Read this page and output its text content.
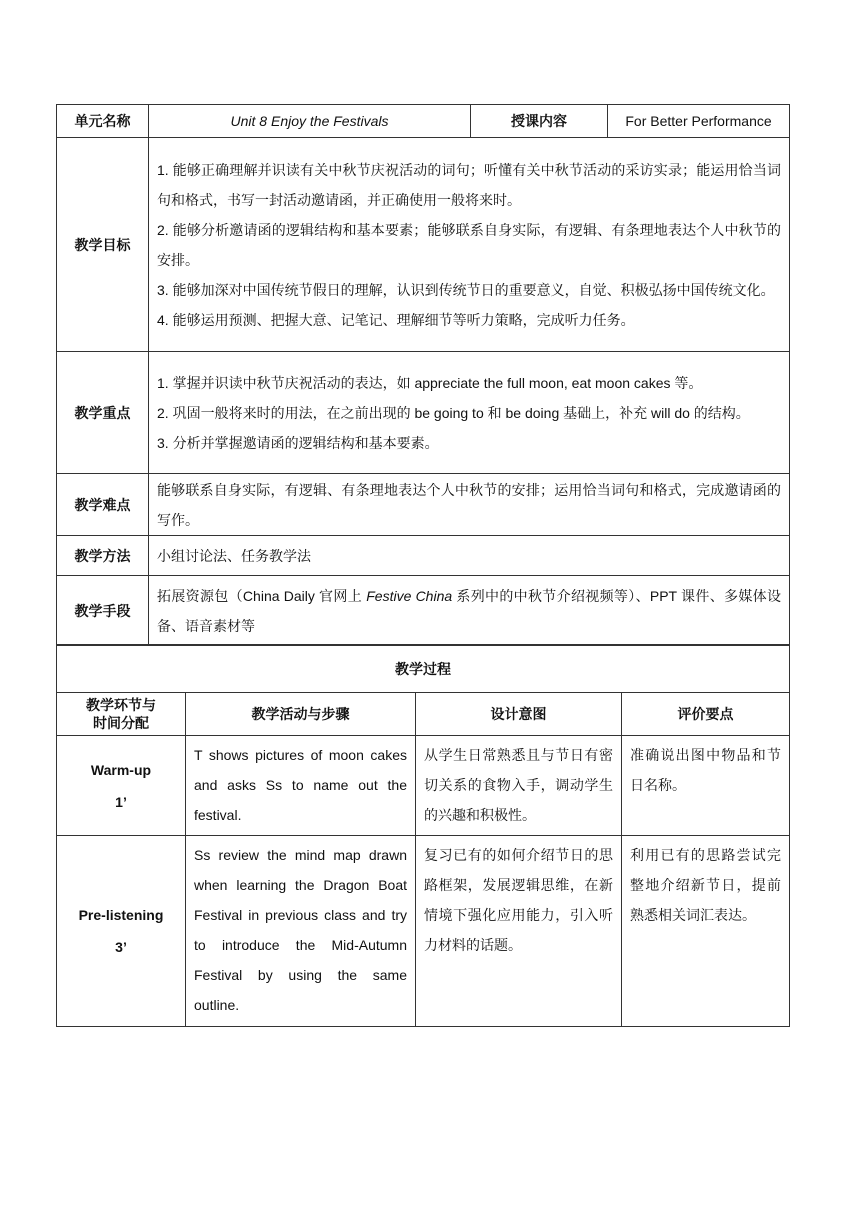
单元名称	Unit 8 Enjoy the Festivals	授课内容	For Better Performance
教学目标	1. 能够正确理解并识读有关中秋节庆祝活动的词句；听懂有关中秋节活动的采访实录；能运用恰当词句和格式，书写一封活动邀请函，并正确使用一般将来时。

2. 能够分析邀请函的逻辑结构和基本要素；能够联系自身实际，有逻辑、有条理地表达个人中秋节的安排。

3. 能够加深对中国传统节假日的理解，认识到传统节日的重要意义，自觉、积极弘扬中国传统文化。

4. 能够运用预测、把握大意、记笔记、理解细节等听力策略，完成听力任务。		

教学重点	1. 掌握并识读中秋节庆祝活动的表达，如 appreciate the full moon, eat moon cakes 等。

2. 巩固一般将来时的用法，在之前出现的 be going to 和 be doing 基础上，补充 will do 的结构。

3. 分析并掌握邀请函的逻辑结构和基本要素。		

教学难点	能够联系自身实际，有逻辑、有条理地表达个人中秋节的安排；运用恰当词句和格式，完成邀请函的写作。		
教学方法	小组讨论法、任务教学法		
教学手段	拓展资源包（China Daily 官网上 Festive China 系列中的中秋节介绍视频等）、PPT 课件、多媒体设备、语音素材等		
教学过程			
教学环节与
时间分配	教学活动与步骤	设计意图	评价要点
Warm-up
1’	T shows pictures of moon cakes and asks Ss to name out the festival.	从学生日常熟悉且与节日有密切关系的食物入手，调动学生的兴趣和积极性。	准确说出图中物品和节日名称。
Pre-listening
3’	Ss review the mind map drawn when learning the Dragon Boat Festival in previous class and try to introduce the Mid-Autumn Festival by using the same outline.	复习已有的如何介绍节日的思路框架，发展逻辑思维，在新情境下强化应用能力，引入听力材料的话题。	利用已有的思路尝试完整地介绍新节日，提前熟悉相关词汇表达。
